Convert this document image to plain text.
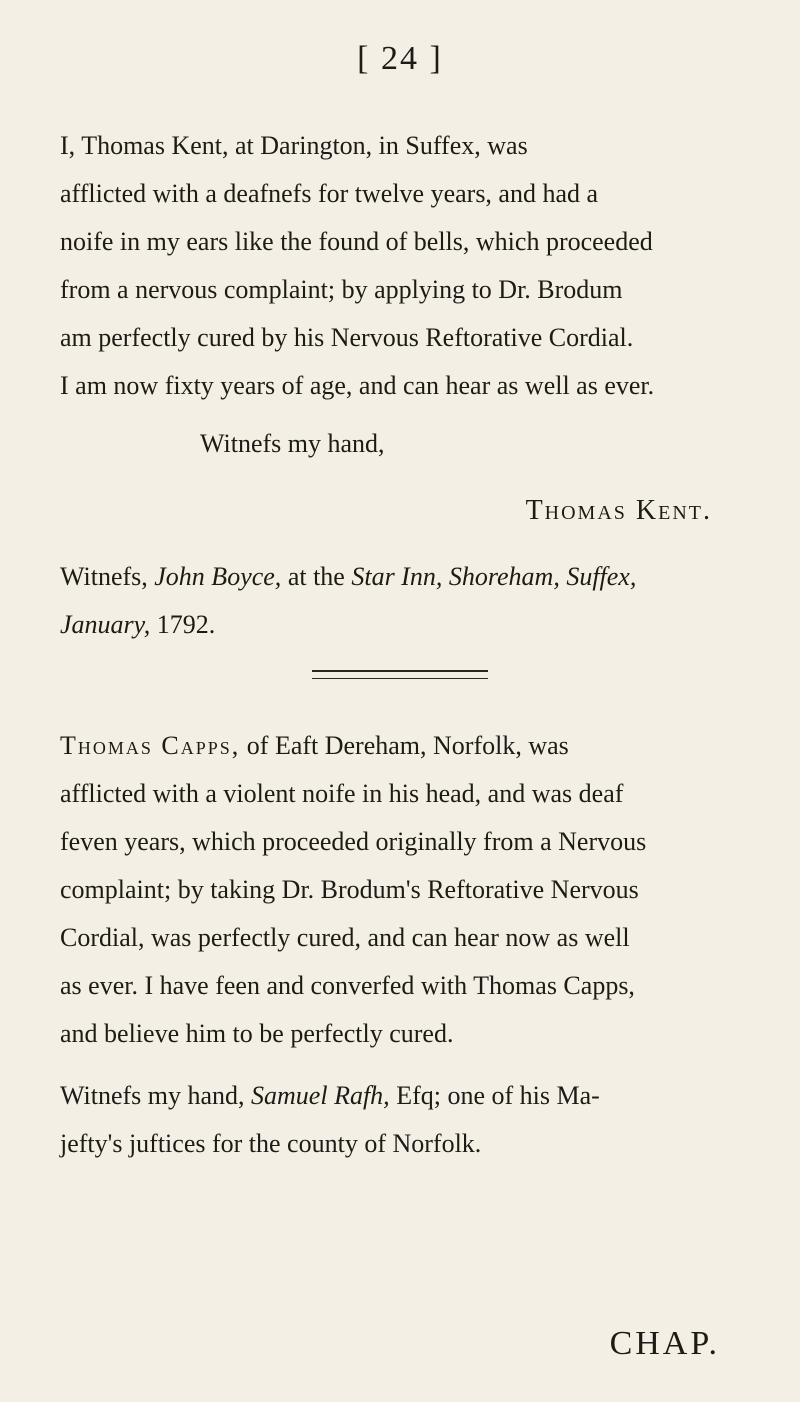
[ 24 ]
I, Thomas Kent, at Darington, in Suffex, was
afflicted with a deafnefs for twelve years, and had a
noife in my ears like the found of bells, which proceeded
from a nervous complaint; by applying to Dr. Brodum
am perfectly cured by his Nervous Reftorative Cordial.
I am now fixty years of age, and can hear as well as ever.
Witnefs my hand,
Thomas Kent.
Witnefs, John Boyce, at the Star Inn, Shoreham, Suffex,
January, 1792.
Thomas Capps, of Eaft Dereham, Norfolk, was
afflicted with a violent noife in his head, and was deaf
feven years, which proceeded originally from a Nervous
complaint; by taking Dr. Brodum's Reftorative Nervous
Cordial, was perfectly cured, and can hear now as well
as ever. I have feen and converfed with Thomas Capps,
and believe him to be perfectly cured.
Witnefs my hand, Samuel Rafh, Efq; one of his Ma-
jefty's juftices for the county of Norfolk.
CHAP.
